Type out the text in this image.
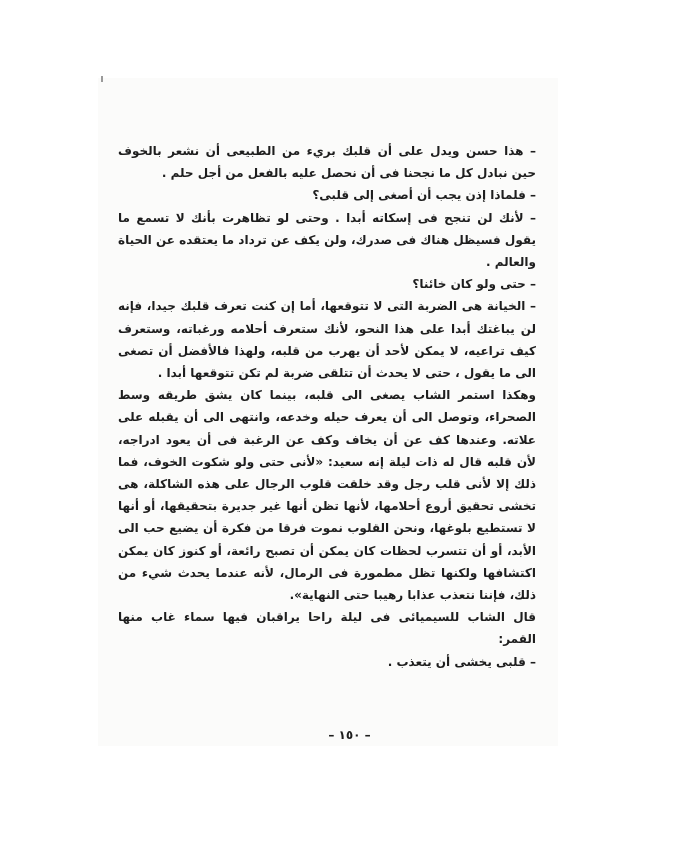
– هذا حسن ويدل على أن قلبك بريء من الطبيعى أن نشعر بالخوف حين نبادل كل ما نجحنا فى أن نحصل عليه بالفعل من أجل حلم .

– فلماذا إذن يجب أن أصغى إلى قلبى؟

– لأنك لن تنجح فى إسكاته أبدا . وحتى لو تظاهرت بأنك لا تسمع ما يقول فسيظل هناك فى صدرك، ولن يكف عن ترداد ما يعتقده عن الحياة والعالم .

– حتى ولو كان خائنا؟

– الخيانة هى الضربة التى لا تتوقعها، أما إن كنت تعرف قلبك جيدا، فإنه لن يباغتك أبدا على هذا النحو، لأنك ستعرف أحلامه ورغباته، وستعرف كيف تراعيه، لا يمكن لأحد أن يهرب من قلبه، ولهذا فالأفضل أن تصغى الى ما يقول ، حتى لا يحدث أن تتلقى ضربة لم تكن تتوقعها أبدا .

وهكذا استمر الشاب يصغى الى قلبه، بينما كان يشق طريقه وسط الصحراء، وتوصل الى أن يعرف حيله وخدعه، وانتهى الى أن يقبله على علاته. وعندها كف عن أن يخاف وكف عن الرغبة فى أن يعود ادراجه، لأن قلبه قال له ذات ليلة إنه سعيد: «لأنى حتى ولو شكوت الخوف، فما ذلك إلا لأنى قلب رجل وقد خلقت قلوب الرجال على هذه الشاكلة، هى تخشى تحقيق أروع أحلامها، لأنها تظن أنها غير جديرة بتحقيقها، أو أنها لا تستطيع بلوغها، ونحن القلوب نموت فرقا من فكرة أن يضيع حب الى الأبد، أو أن تتسرب لحظات كان يمكن أن تصبح رائعة، أو كنوز كان يمكن اكتشافها ولكنها تظل مطمورة فى الرمال، لأنه عندما يحدث شيء من ذلك، فإننا نتعذب عذابا رهيبا حتى النهاية».

قال الشاب للسيميائى فى ليلة راحا يراقبان فيها سماء غاب منها القمر:

– قلبى يخشى أن يتعذب .

– ١٥٠ –
